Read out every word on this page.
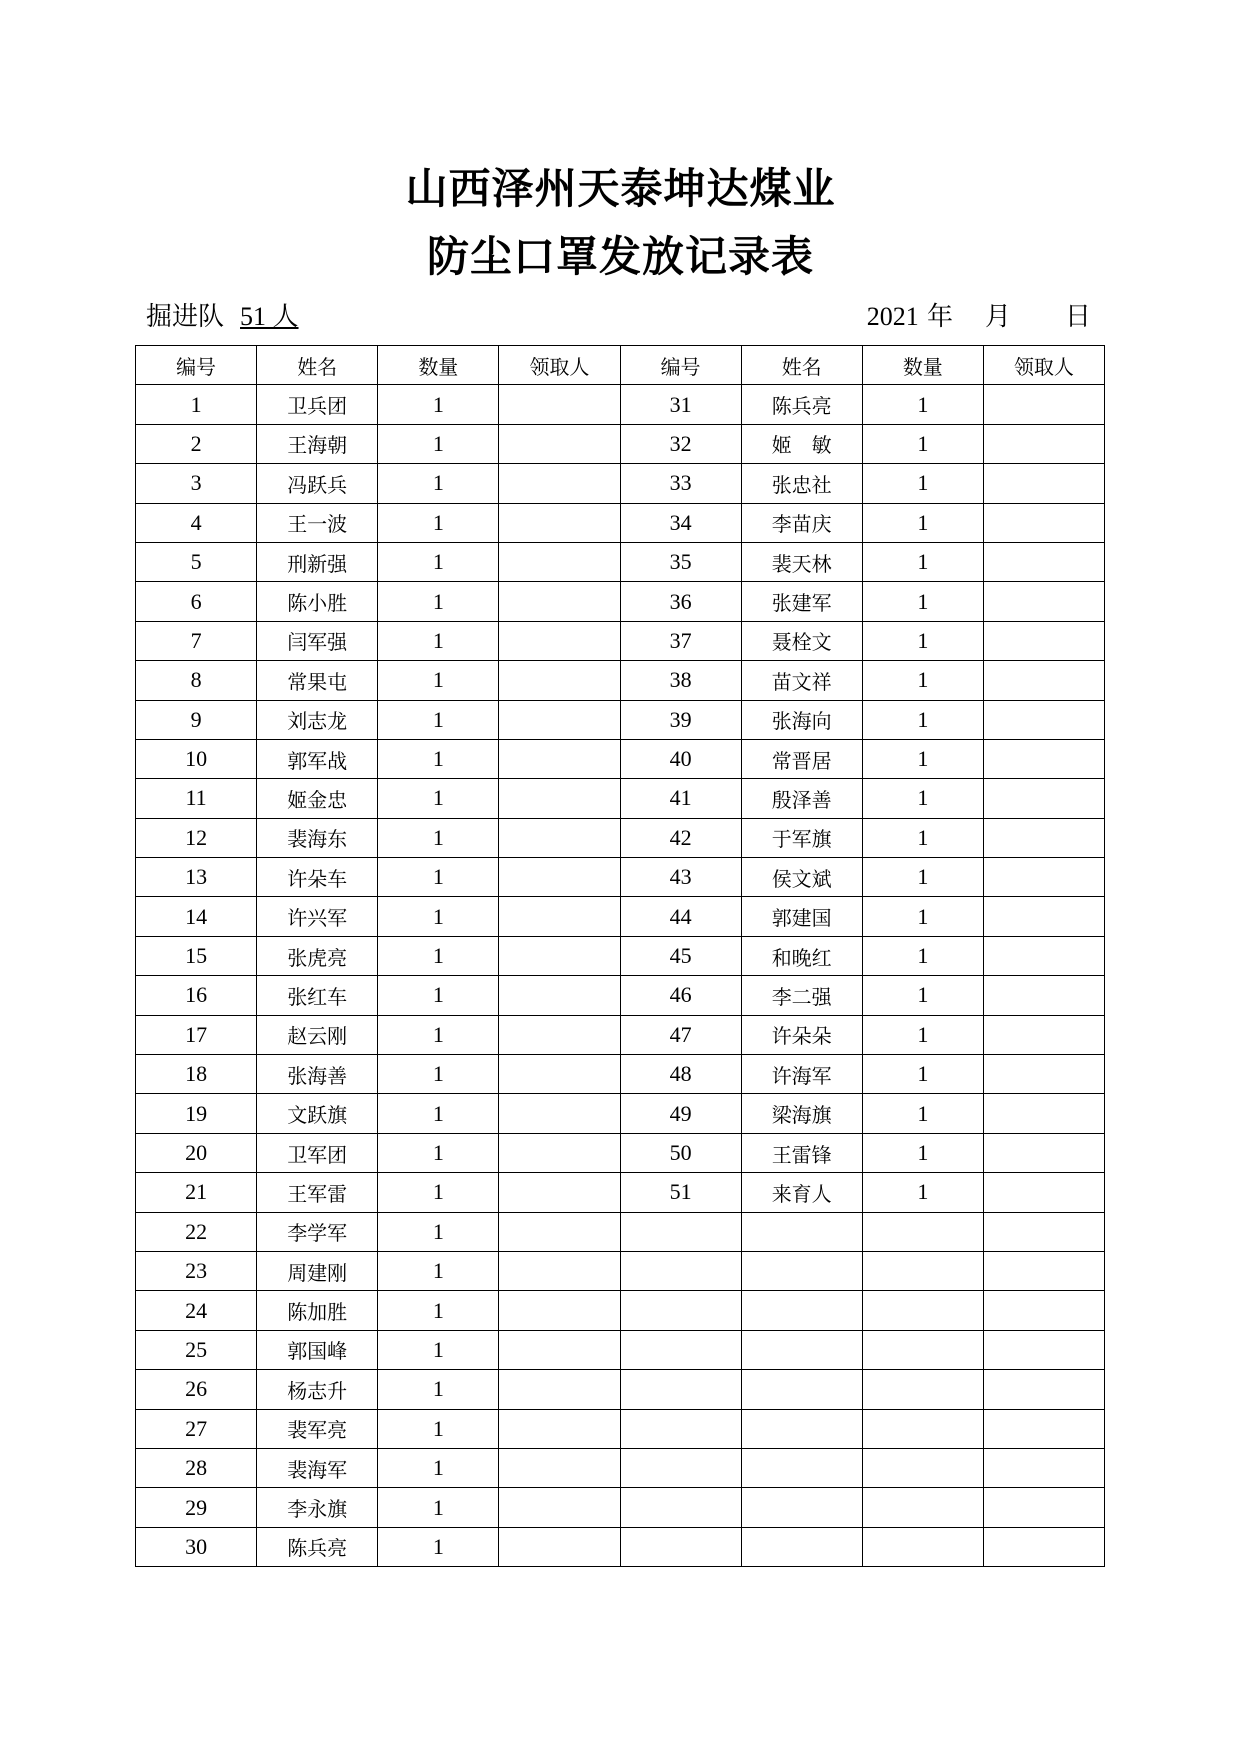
山西泽州天泰坤达煤业
防尘口罩发放记录表
掘进队 51 人	2021 年 月 日
编号	姓名	数量	领取人	编号	姓名	数量	领取人
1	卫兵团	1		31	陈兵亮	1	
2	王海朝	1		32	姬　敏	1	
3	冯跃兵	1		33	张忠社	1	
4	王一波	1		34	李苗庆	1	
5	刑新强	1		35	裴天林	1	
6	陈小胜	1		36	张建军	1	
7	闫军强	1		37	聂栓文	1	
8	常果屯	1		38	苗文祥	1	
9	刘志龙	1		39	张海向	1	
10	郭军战	1		40	常晋居	1	
11	姬金忠	1		41	殷泽善	1	
12	裴海东	1		42	于军旗	1	
13	许朵车	1		43	侯文斌	1	
14	许兴军	1		44	郭建国	1	
15	张虎亮	1		45	和晚红	1	
16	张红车	1		46	李二强	1	
17	赵云刚	1		47	许朵朵	1	
18	张海善	1		48	许海军	1	
19	文跃旗	1		49	梁海旗	1	
20	卫军团	1		50	王雷锋	1	
21	王军雷	1		51	来育人	1	
22	李学军	1					
23	周建刚	1					
24	陈加胜	1					
25	郭国峰	1					
26	杨志升	1					
27	裴军亮	1					
28	裴海军	1					
29	李永旗	1					
30	陈兵亮	1					
